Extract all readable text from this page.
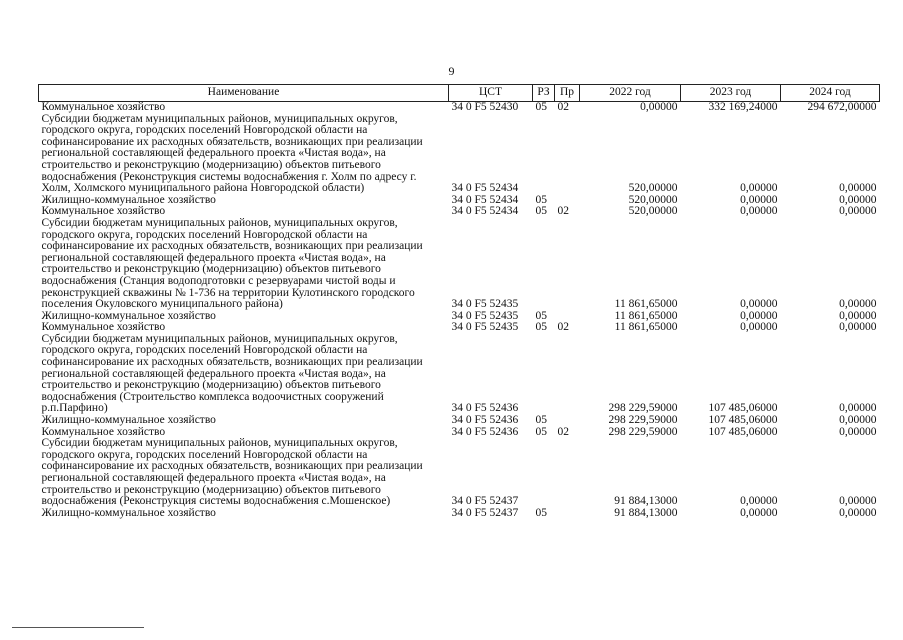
9
Наименование	ЦСТ	РЗ	Пр	2022 год	2023 год	2024 год
Коммунальное хозяйство	34 0 F5 52430	05	02	0,00000	332 169,24000	294 672,00000
Субсидии бюджетам муниципальных районов, муниципальных округов, городского округа, городских поселений Новгородской области на софинансирование их расходных обязательств, возникающих при реализации региональной составляющей федерального проекта «Чистая вода», на строительство и реконструкцию (модернизацию) объектов питьевого водоснабжения (Реконструкция системы водоснабжения г. Холм по адресу г. Холм, Холмского муниципального района Новгородской области)	34 0 F5 52434			520,00000	0,00000	0,00000
Жилищно-коммунальное хозяйство	34 0 F5 52434	05		520,00000	0,00000	0,00000
Коммунальное хозяйство	34 0 F5 52434	05	02	520,00000	0,00000	0,00000
Субсидии бюджетам муниципальных районов, муниципальных округов, городского округа, городских поселений Новгородской области на софинансирование их расходных обязательств, возникающих при реализации региональной составляющей федерального проекта «Чистая вода», на строительство и реконструкцию (модернизацию) объектов питьевого водоснабжения (Станция водоподготовки с резервуарами чистой воды и реконструкцией скважины № 1-736 на территории Кулотинского городского поселения Окуловского муниципального района)	34 0 F5 52435			11 861,65000	0,00000	0,00000
Жилищно-коммунальное хозяйство	34 0 F5 52435	05		11 861,65000	0,00000	0,00000
Коммунальное хозяйство	34 0 F5 52435	05	02	11 861,65000	0,00000	0,00000
Субсидии бюджетам муниципальных районов, муниципальных округов, городского округа, городских поселений Новгородской области на софинансирование их расходных обязательств, возникающих при реализации региональной составляющей федерального проекта «Чистая вода», на строительство и реконструкцию (модернизацию) объектов питьевого водоснабжения (Строительство комплекса водоочистных сооружений р.п.Парфино)	34 0 F5 52436			298 229,59000	107 485,06000	0,00000
Жилищно-коммунальное хозяйство	34 0 F5 52436	05		298 229,59000	107 485,06000	0,00000
Коммунальное хозяйство	34 0 F5 52436	05	02	298 229,59000	107 485,06000	0,00000
Субсидии бюджетам муниципальных районов, муниципальных округов, городского округа, городских поселений Новгородской области на софинансирование их расходных обязательств, возникающих при реализации региональной составляющей федерального проекта «Чистая вода», на строительство и реконструкцию (модернизацию) объектов питьевого водоснабжения (Реконструкция системы водоснабжения с.Мошенское)	34 0 F5 52437			91 884,13000	0,00000	0,00000
Жилищно-коммунальное хозяйство	34 0 F5 52437	05		91 884,13000	0,00000	0,00000
